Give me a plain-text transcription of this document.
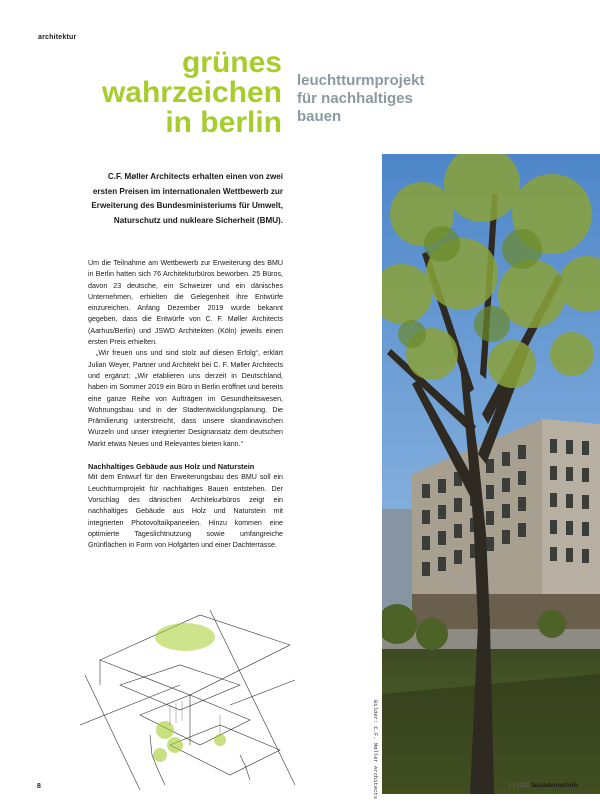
architektur
grünes
wahrzeichen
in berlin
leuchtturmprojekt
für nachhaltiges
bauen
C.F. Møller Architects erhalten einen von zwei ersten Preisen im internationalen Wettbewerb zur Erweiterung des Bundesministeriums für Umwelt, Naturschutz und nukleare Sicherheit (BMU).

Um die Teilnahme am Wettbewerb zur Erweiterung des BMU in Berlin hatten sich 76 Architekturbüros beworben. 25 Büros, davon 23 deutsche, ein Schweizer und ein dänisches Unternehmen, erhielten die Gelegenheit ihre Entwürfe einzureichen. Anfang Dezember 2019 wurde bekannt gegeben, dass die Entwürfe von C. F. Møller Architects (Aarhus/Berlin) und JSWD Architekten (Köln) jeweils einen ersten Preis erhielten.

„Wir freuen uns und sind stolz auf diesen Erfolg“, erklärt Julian Weyer, Partner und Architekt bei C. F. Møller Architects und ergänzt: „Wir etablieren uns derzeit in Deutschland, haben im Sommer 2019 ein Büro in Berlin eröffnet und bereits eine ganze Reihe von Aufträgen im Gesundheitswesen, Wohnungsbau und in der Stadtentwicklungsplanung. Die Prämilierung unterstreicht, dass unsere skandinavischen Wurzeln und unser integrierter Designansatz dem deutschen Markt etwas Neues und Relevantes bieten kann.“

Nachhaltiges Gebäude aus Holz und Naturstein

Mit dem Entwurf für den Erweiterungsbau des BMU soll ein Leuchtturmprojekt für nachhaltiges Bauen entstehen. Der Vorschlag des dänischen Architekurbüros zeigt ein nachhaltiges Gebäude aus Holz und Naturstein mit integrierten Photovoltaikpaneelen. Hinzu kommen eine optimierte Tageslichtnutzung sowie umfangreiche Grünflächen in Form von Hofgärten und einer Dachterrasse.

Bilder: C.F. Møller Architects
8	1 | 2020 fassadentechnik
